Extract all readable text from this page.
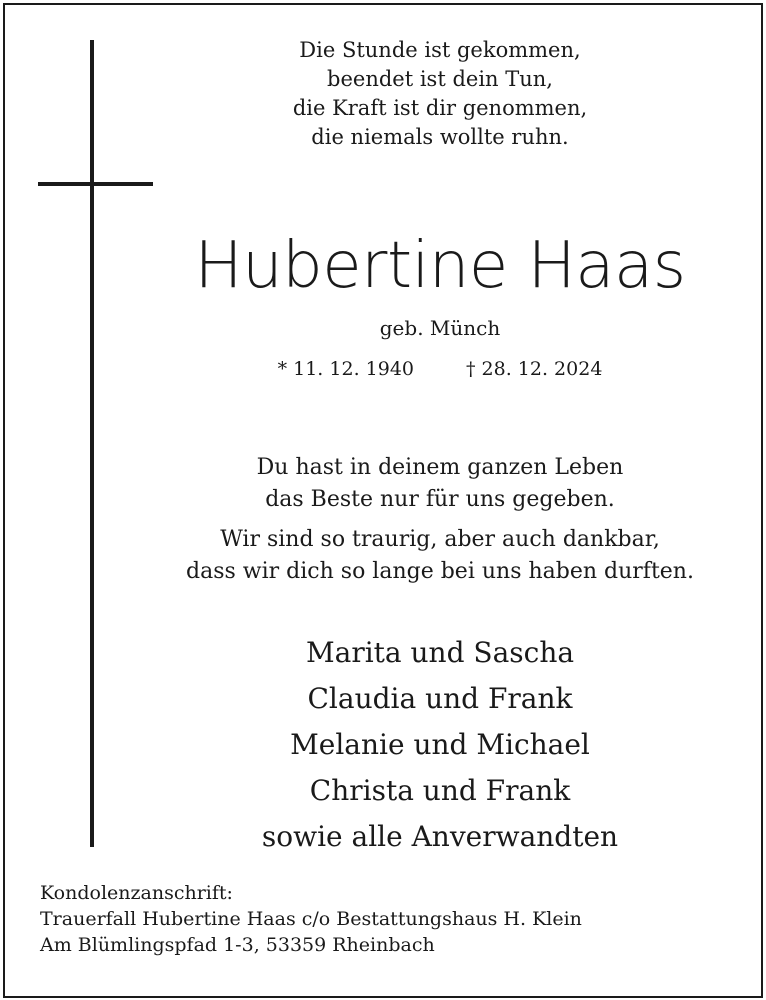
Die Stunde ist gekommen,
beendet ist dein Tun,
die Kraft ist dir genommen,
die niemals wollte ruhn.
Hubertine Haas
geb. Münch
* 11. 12. 1940	† 28. 12. 2024
Du hast in deinem ganzen Leben
das Beste nur für uns gegeben.
Wir sind so traurig, aber auch dankbar,
dass wir dich so lange bei uns haben durften.
Marita und Sascha
Claudia und Frank
Melanie und Michael
Christa und Frank
sowie alle Anverwandten
Kondolenzanschrift:
Trauerfall Hubertine Haas c/o Bestattungshaus H. Klein
Am Blümlingspfad 1-3, 53359 Rheinbach
